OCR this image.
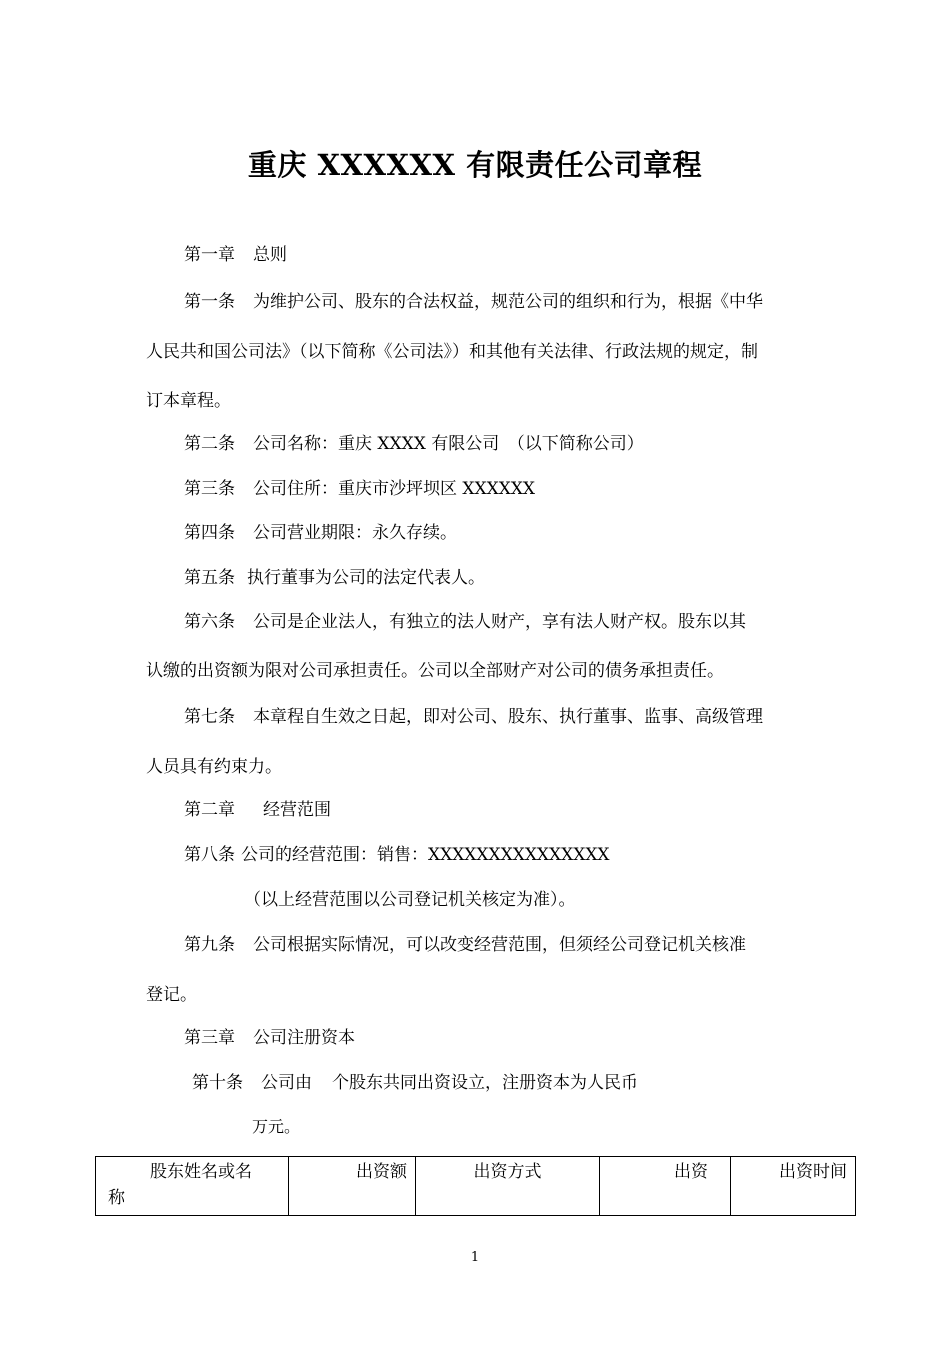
重庆 XXXXXX 有限责任公司章程
第一章 总则
第一条 为维护公司、股东的合法权益，规范公司的组织和行为，根据《中华
人民共和国公司法》（以下简称《公司法》）和其他有关法律、行政法规的规定，制
订本章程。
第二条 公司名称：重庆 XXXX 有限公司　（以下简称公司）
第三条 公司住所：重庆市沙坪坝区 XXXXXX
第四条 公司营业期限：永久存续。
第五条 执行董事为公司的法定代表人。
第六条 公司是企业法人，有独立的法人财产，享有法人财产权。股东以其
认缴的出资额为限对公司承担责任。公司以全部财产对公司的债务承担责任。
第七条 本章程自生效之日起，即对公司、股东、执行董事、监事、高级管理
人员具有约束力。
第二章 经营范围
第八条 公司的经营范围：销售：XXXXXXXXXXXXXXX
（以上经营范围以公司登记机关核定为准）。
第九条 公司根据实际情况，可以改变经营范围，但须经公司登记机关核准
登记。
第三章 公司注册资本
第十条 公司由 个股东共同出资设立，注册资本为人民币
万元。
股东姓名或名
称
	出资额	出资方式	出资	出资时间
1
